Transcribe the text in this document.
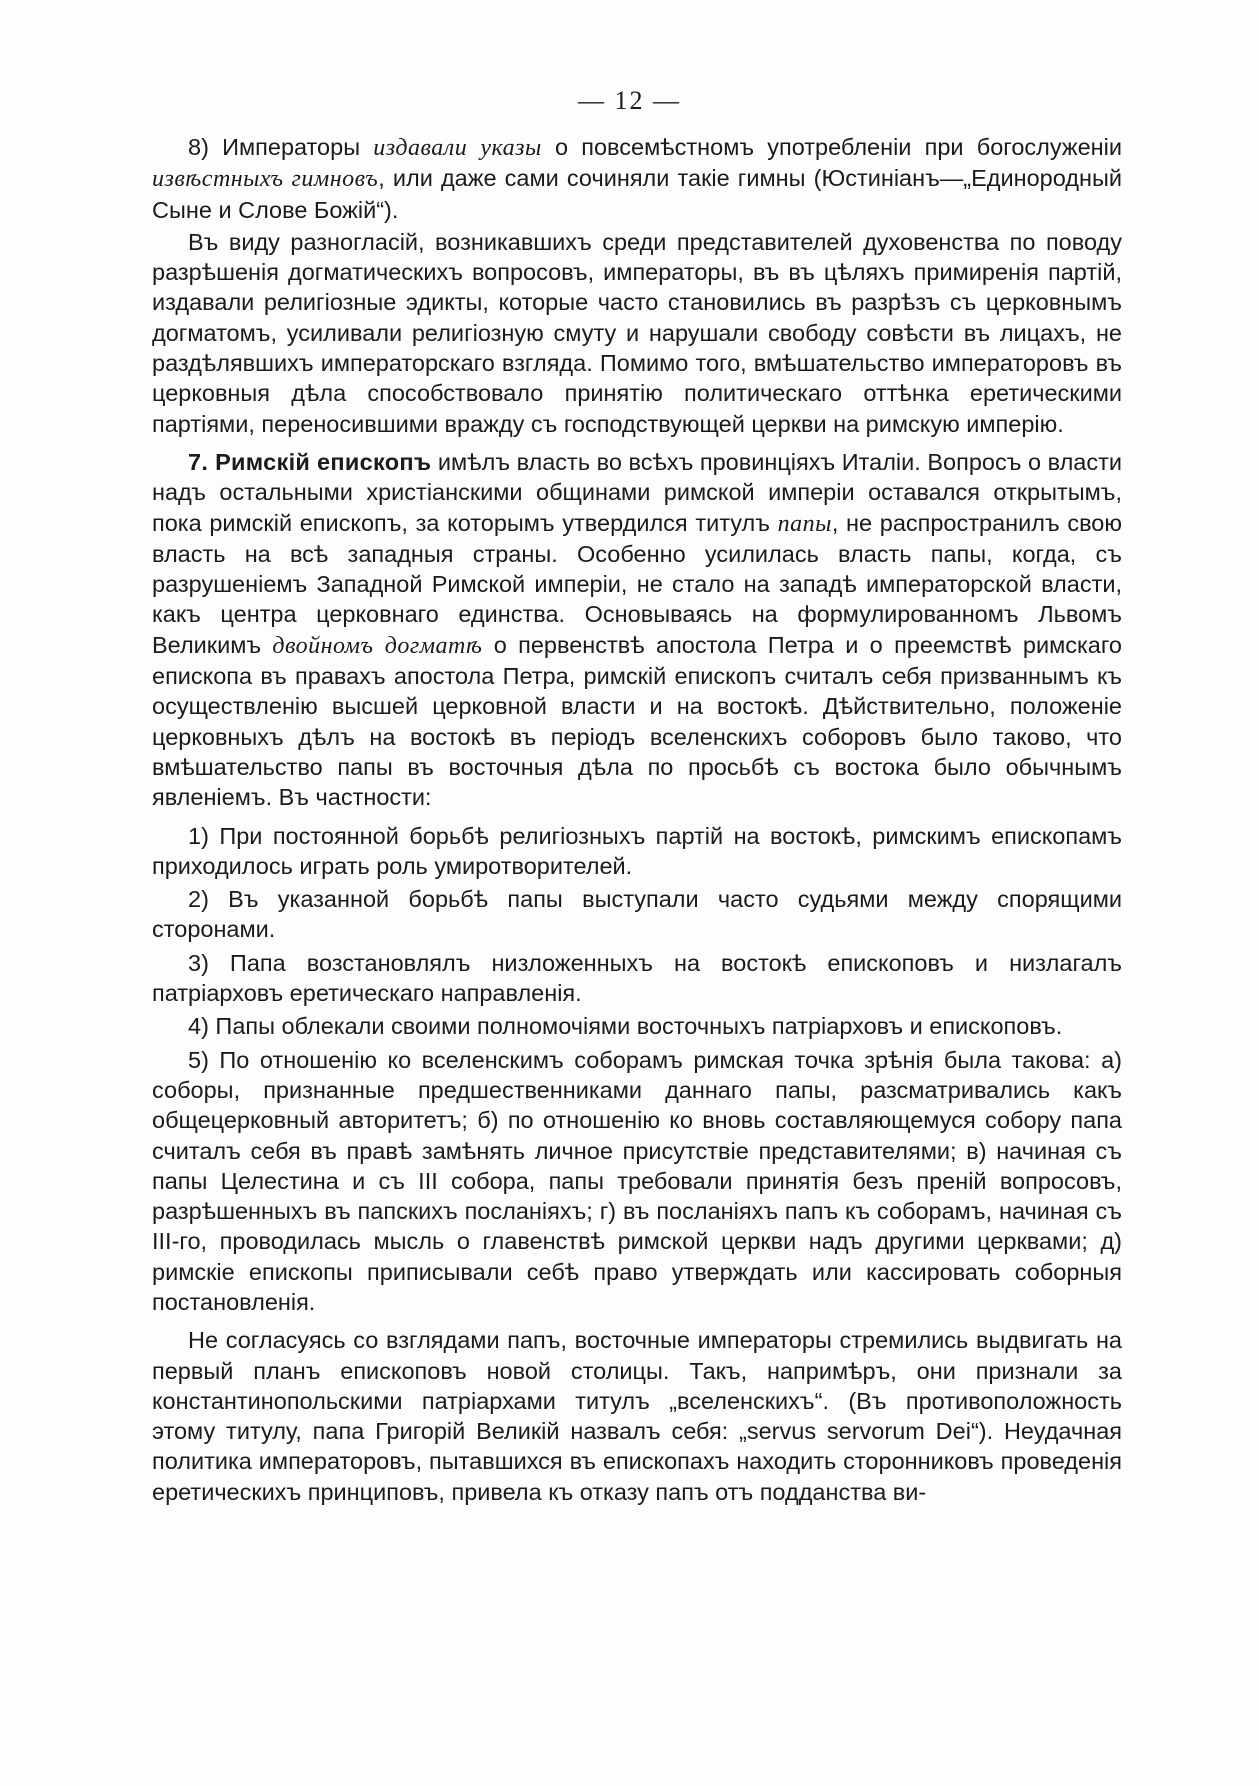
— 12 —

8) Императоры издавали указы о повсемѣстномъ употребленіи при богослуженіи извѣстныхъ гимновъ, или даже сами сочиняли такіе гимны (Юстиніанъ—„Единородный Сыне и Слове Божій“).

Въ виду разногласій, возникавшихъ среди представителей духовенства по поводу разрѣшенія догматическихъ вопросовъ, императоры, въ въ цѣляхъ примиренія партій, издавали религіозные эдикты, которые часто становились въ разрѣзъ съ церковнымъ догматомъ, усиливали религіозную смуту и нарушали свободу совѣсти въ лицахъ, не раздѣлявшихъ императорскаго взгляда. Помимо того, вмѣшательство императоровъ въ церковныя дѣла способствовало принятію политическаго оттѣнка еретическими партіями, переносившими вражду съ господствующей церкви на римскую имперію.

7. Римскій епископъ имѣлъ власть во всѣхъ провинціяхъ Италіи. Вопросъ о власти надъ остальными христіанскими общинами римской имперіи оставался открытымъ, пока римскій епископъ, за которымъ утвердился титулъ папы, не распространилъ свою власть на всѣ западныя страны. Особенно усилилась власть папы, когда, съ разрушеніемъ Западной Римской имперіи, не стало на западѣ императорской власти, какъ центра церковнаго единства. Основываясь на формулированномъ Львомъ Великимъ двойномъ догматѣ о первенствѣ апостола Петра и о преемствѣ римскаго епископа въ правахъ апостола Петра, римскій епископъ считалъ себя призваннымъ къ осуществленію высшей церковной власти и на востокѣ. Дѣйствительно, положеніе церковныхъ дѣлъ на востокѣ въ періодъ вселенскихъ соборовъ было таково, что вмѣшательство папы въ восточныя дѣла по просьбѣ съ востока было обычнымъ явленіемъ. Въ частности:

1) При постоянной борьбѣ религіозныхъ партій на востокѣ, римскимъ епископамъ приходилось играть роль умиротворителей.

2) Въ указанной борьбѣ папы выступали часто судьями между спорящими сторонами.

3) Папа возстановлялъ низложенныхъ на востокѣ епископовъ и низлагалъ патріарховъ еретическаго направленія.

4) Папы облекали своими полномочіями восточныхъ патріарховъ и епископовъ.

5) По отношенію ко вселенскимъ соборамъ римская точка зрѣнія была такова: а) соборы, признанные предшественниками даннаго папы, разсматривались какъ общецерковный авторитетъ; б) по отношенію ко вновь составляющемуся собору папа считалъ себя въ правѣ замѣнять личное присутствіе представителями; в) начиная съ папы Целестина и съ III собора, папы требовали принятія безъ преній вопросовъ, разрѣшенныхъ въ папскихъ посланіяхъ; г) въ посланіяхъ папъ къ соборамъ, начиная съ III-го, проводилась мысль о главенствѣ римской церкви надъ другими церквами; д) римскіе епископы приписывали себѣ право утверждать или кассировать соборныя постановленія.

Не согласуясь со взглядами папъ, восточные императоры стремились выдвигать на первый планъ епископовъ новой столицы. Такъ, напримѣръ, они признали за константинопольскими патріархами титулъ „вселенскихъ“. (Въ противоположность этому титулу, папа Григорій Великій назвалъ себя: „servus servorum Dei“). Неудачная политика императоровъ, пытавшихся въ епископахъ находить сторонниковъ проведенія еретическихъ принциповъ, привела къ отказу папъ отъ подданства ви-
